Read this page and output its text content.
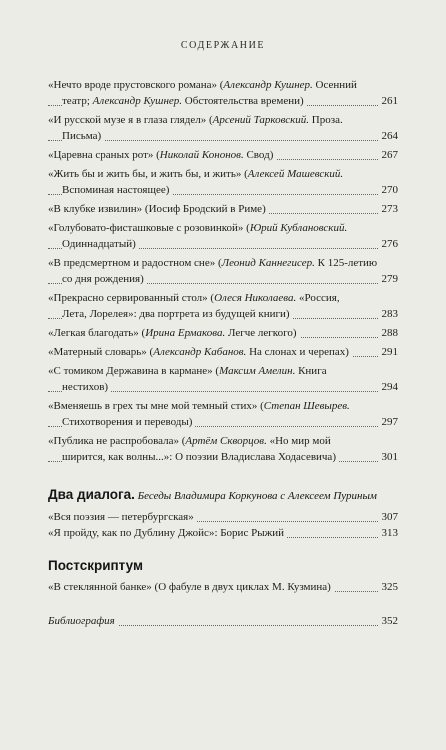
СОДЕРЖАНИЕ
«Нечто вроде прустовского романа» (Александр Кушнер. Осенний
театр; Александр Кушнер. Обстоятельства времени)	261
«И русской музе я в глаза глядел» (Арсений Тарковский. Проза.
Письма)	264
«Царевна сраных рот» (Николай Кононов. Свод)	267
«Жить бы и жить бы, и жить бы, и жить» (Алексей Машевский.
Вспоминая настоящее)	270
«В клубке извилин» (Иосиф Бродский в Риме)	273
«Голубовато-фисташковые с розовинкой» (Юрий Кублановский.
Одиннадцатый)	276
«В предсмертном и радостном сне» (Леонид Каннегисер. К 125-летию
со дня рождения)	279
«Прекрасно сервированный стол» (Олеся Николаева. «Россия,
Лета, Лорелея»: два портрета из будущей книги)	283
«Легкая благодать» (Ирина Ермакова. Легче легкого)	288
«Матерный словарь» (Александр Кабанов. На слонах и черепах)	291
«С томиком Державина в кармане» (Максим Амелин. Книга
нестихов)	294
«Вменяешь в грех ты мне мой темный стих» (Степан Шевырев.
Стихотворения и переводы)	297
«Публика не распробовала» (Артём Скворцов. «Но мир мой
ширится, как волны...»: О поэзии Владислава Ходасевича)	301
Два диалога. Беседы Владимира Коркунова с Алексеем Пуриным
«Вся поэзия — петербургская»	307
«Я пройду, как по Дублину Джойс»: Борис Рыжий	313
Постскриптум
«В стеклянной банке» (О фабуле в двух циклах М. Кузмина)	325
Библиография	352
